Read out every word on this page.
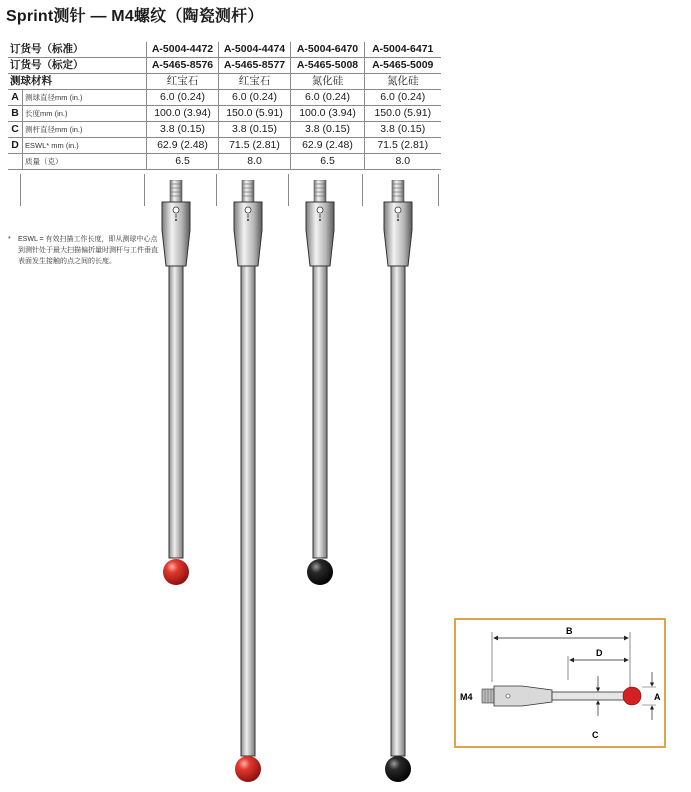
Sprint测针 — M4螺纹（陶瓷测杆）
订货号（标准）		A-5004-4472	A-5004-4474	A-5004-6470	A-5004-6471
订货号（标定）		A-5465-8576	A-5465-8577	A-5465-5008	A-5465-5009
测球材料		红宝石	红宝石	氮化硅	氮化硅
A	测球直径mm (in.)	6.0 (0.24)	6.0 (0.24)	6.0 (0.24)	6.0 (0.24)
B	长度mm (in.)	100.0 (3.94)	150.0 (5.91)	100.0 (3.94)	150.0 (5.91)
C	测杆直径mm (in.)	3.8 (0.15)	3.8 (0.15)	3.8 (0.15)	3.8 (0.15)
D	ESWL* mm (in.)	62.9 (2.48)	71.5 (2.81)	62.9 (2.48)	71.5 (2.81)
	质量（克）	6.5	8.0	6.5	8.0
* ESWL = 有效扫描工作长度，即从测球中心点到测针处于最大扫描偏折量时测杆与工件垂直表面发生接触的点之间的长度。
B
D
M4
C
A
